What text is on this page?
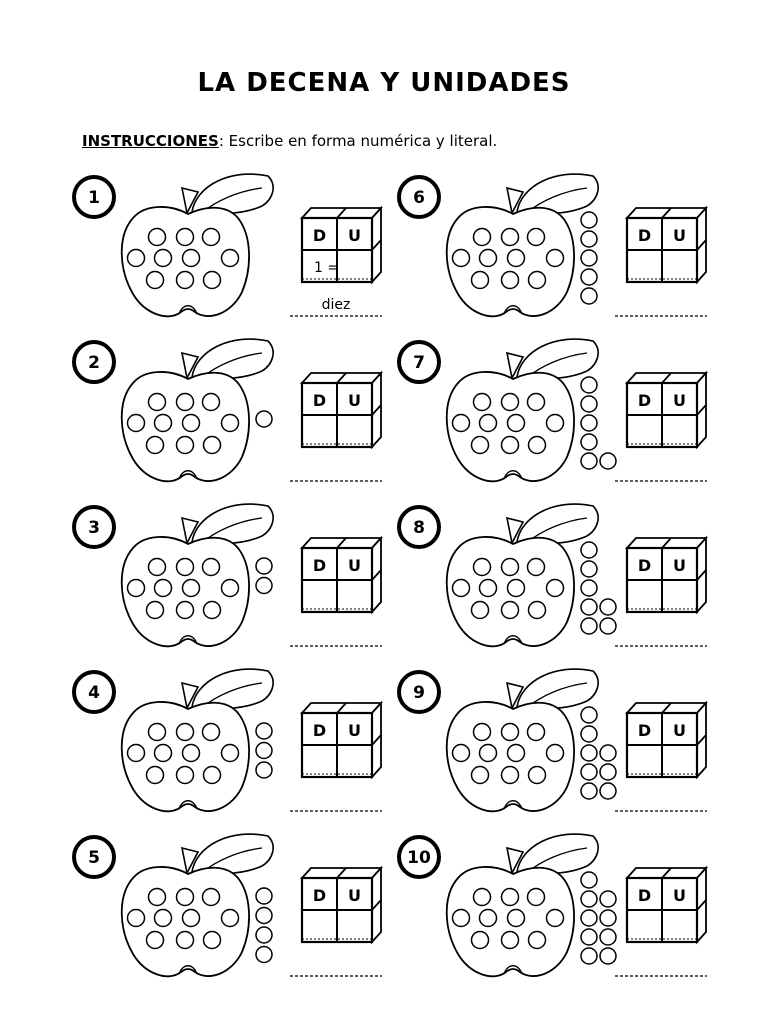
LA DECENA Y UNIDADES
INSTRUCCIONES: Escribe en forma numérica y literal.
1
D U
1 =
diez
2
D U
3
D U
4
D U
5
D U
6
D U
7
D U
8
D U
9
D U
10
D U
